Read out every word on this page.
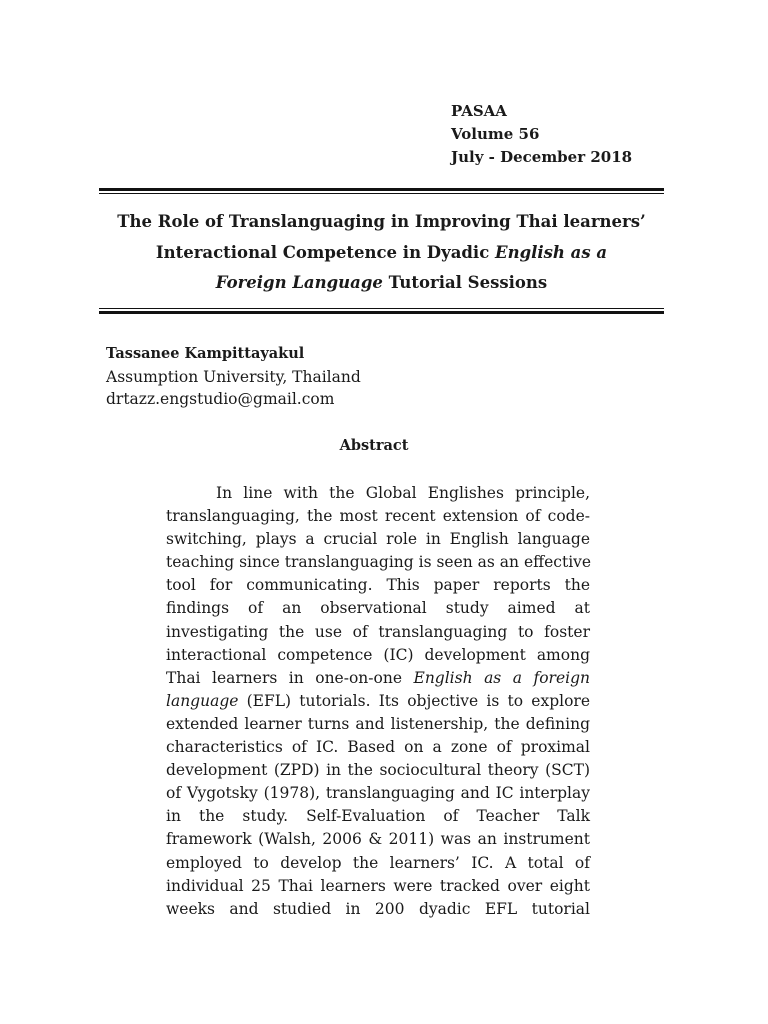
PASAA
Volume 56
July - December 2018
The Role of Translanguaging in Improving Thai learners’
Interactional Competence in Dyadic English as a
Foreign Language Tutorial Sessions
Tassanee Kampittayakul
Assumption University, Thailand
drtazz.engstudio@gmail.com
Abstract
In line with the Global Englishes principle,
translanguaging, the most recent extension of code-
switching, plays a crucial role in English language
teaching since translanguaging is seen as an effective
tool for communicating. This paper reports the
findings of an observational study aimed at
investigating the use of translanguaging to foster
interactional competence (IC) development among
Thai learners in one-on-one English as a foreign
language (EFL) tutorials. Its objective is to explore
extended learner turns and listenership, the defining
characteristics of IC. Based on a zone of proximal
development (ZPD) in the sociocultural theory (SCT)
of Vygotsky (1978), translanguaging and IC interplay
in the study. Self-Evaluation of Teacher Talk
framework (Walsh, 2006 & 2011) was an instrument
employed to develop the learners’ IC. A total of
individual 25 Thai learners were tracked over eight
weeks and studied in 200 dyadic EFL tutorial
